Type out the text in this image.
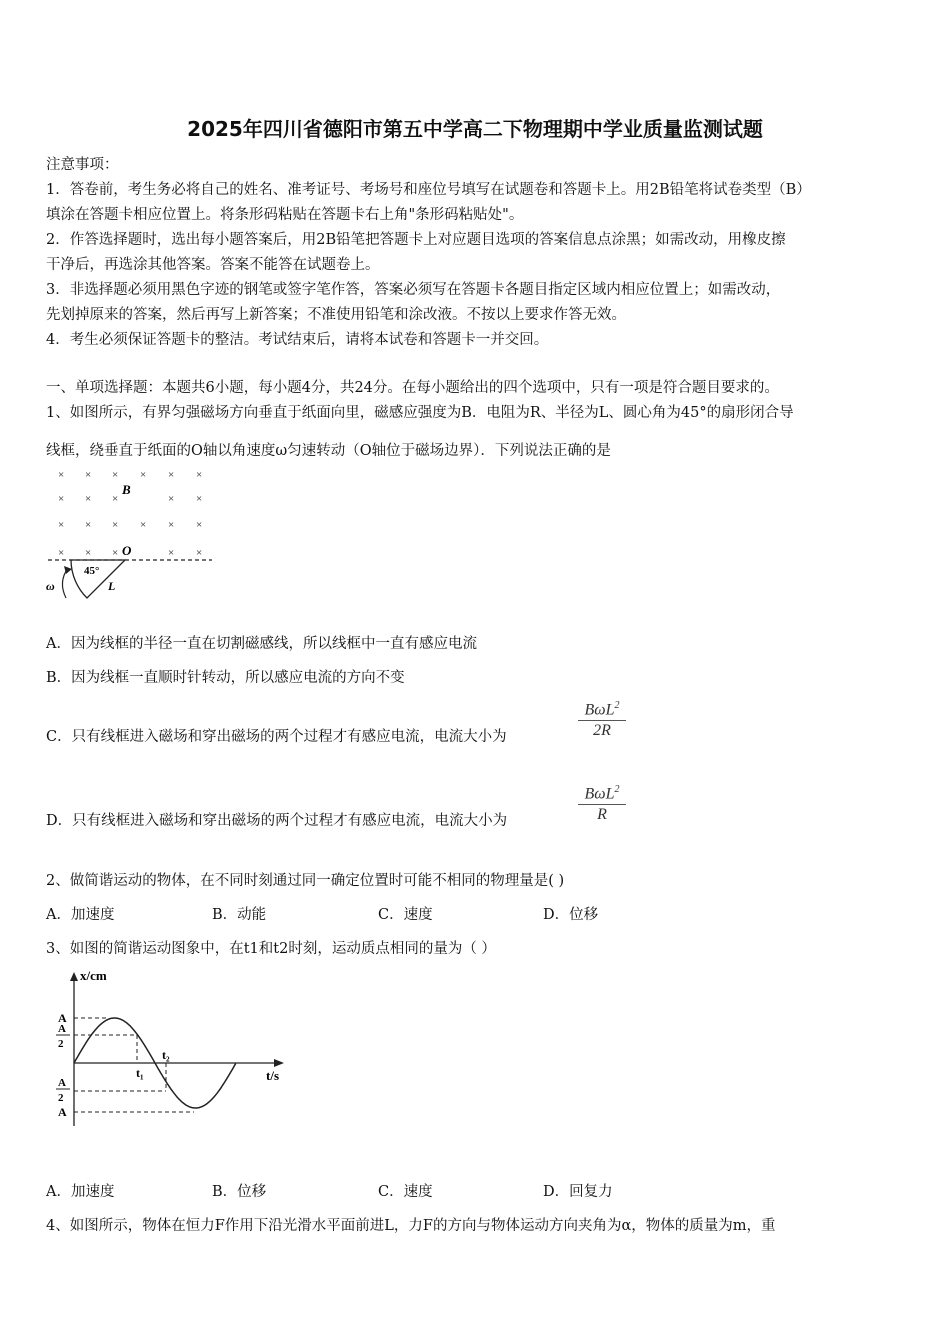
2025年四川省德阳市第五中学高二下物理期中学业质量监测试题
注意事项：
1．答卷前，考生务必将自己的姓名、准考证号、考场号和座位号填写在试题卷和答题卡上。用2B铅笔将试卷类型（B）
填涂在答题卡相应位置上。将条形码粘贴在答题卡右上角"条形码粘贴处"。
2．作答选择题时，选出每小题答案后，用2B铅笔把答题卡上对应题目选项的答案信息点涂黑；如需改动，用橡皮擦
干净后，再选涂其他答案。答案不能答在试题卷上。
3．非选择题必须用黑色字迹的钢笔或签字笔作答，答案必须写在答题卡各题目指定区域内相应位置上；如需改动，
先划掉原来的答案，然后再写上新答案；不准使用铅笔和涂改液。不按以上要求作答无效。
4．考生必须保证答题卡的整洁。考试结束后，请将本试卷和答题卡一并交回。
一、单项选择题：本题共6小题，每小题4分，共24分。在每小题给出的四个选项中，只有一项是符合题目要求的。
1、如图所示，有界匀强磁场方向垂直于纸面向里，磁感应强度为B．电阻为R、半径为L、圆心角为45°的扇形闭合导
线框，绕垂直于纸面的O轴以角速度ω匀速转动（O轴位于磁场边界）．下列说法正确的是
× × × × × ×
× × ×	× ×
× × × × × ×
× × ×	× ×
B
O
45°
L
ω
A．因为线框的半径一直在切割磁感线，所以线框中一直有感应电流
B．因为线框一直顺时针转动，所以感应电流的方向不变
C．只有线框进入磁场和穿出磁场的两个过程才有感应电流，电流大小为
BωL$^2$
2R
D．只有线框进入磁场和穿出磁场的两个过程才有感应电流，电流大小为
BωL$^2$
R
2、做简谐运动的物体，在不同时刻通过同一确定位置时可能不相同的物理量是( )
A．加速度	B．动能	C．速度	D．位移
3、如图的简谐运动图象中，在t1和t2时刻，运动质点相同的量为（ ）
x/cm
t/s
A
A
2
A
2
A
t₁
t₂
A．加速度	B．位移	C．速度	D．回复力
4、如图所示，物体在恒力F作用下沿光滑水平面前进L，力F的方向与物体运动方向夹角为α，物体的质量为m，重
